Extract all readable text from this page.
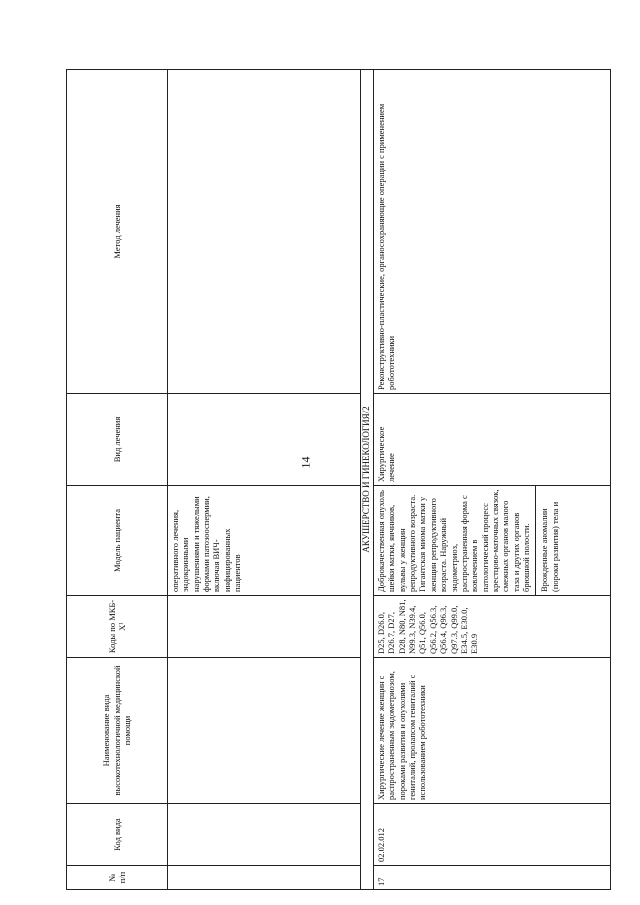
14
№ п/п	Код вида	Наименование вида высокотехнологичной медицинской помощи	Коды по МКБ-X¹	Модель пациента	Вид лечения	Метод лечения
				оперативного лечения, эндокринными нарушениями и тяжелыми формами патозооспермии, включая ВИЧ-инфицированных пациентов		
АКУШЕРСТВО И ГИНЕКОЛОГИЯ/2						
17	02.02.012	Хирургические лечение женщин с распространенным эндометриозом, пороками развития и опухолями гениталий, пролапсом гениталий с использованием робототехники	D25, D26.0, D26.7, D27, D28, N80, N81, N99.3, N39.4, Q51, Q56.0, Q56.2, Q56.3, Q56.4, Q96.3, Q97.3, Q99.0, E34.5, E30.0, E30.9	Доброкачественная опухоль шейки матки, яичников, вульвы у женщин репродуктивного возраста. Гигантская миома матки у женщин репродуктивного возраста. Наружный эндометриоз, распространенная форма с вовлечением в патологический процесс крестцово-маточных связок, смежных органов малого таза и других органов брюшной полости. Врожденные аномалии (пороки развития) тела и	Хирургическое лечение	Реконструктивно-пластические, органосохраняющие операции с применением робототехники
